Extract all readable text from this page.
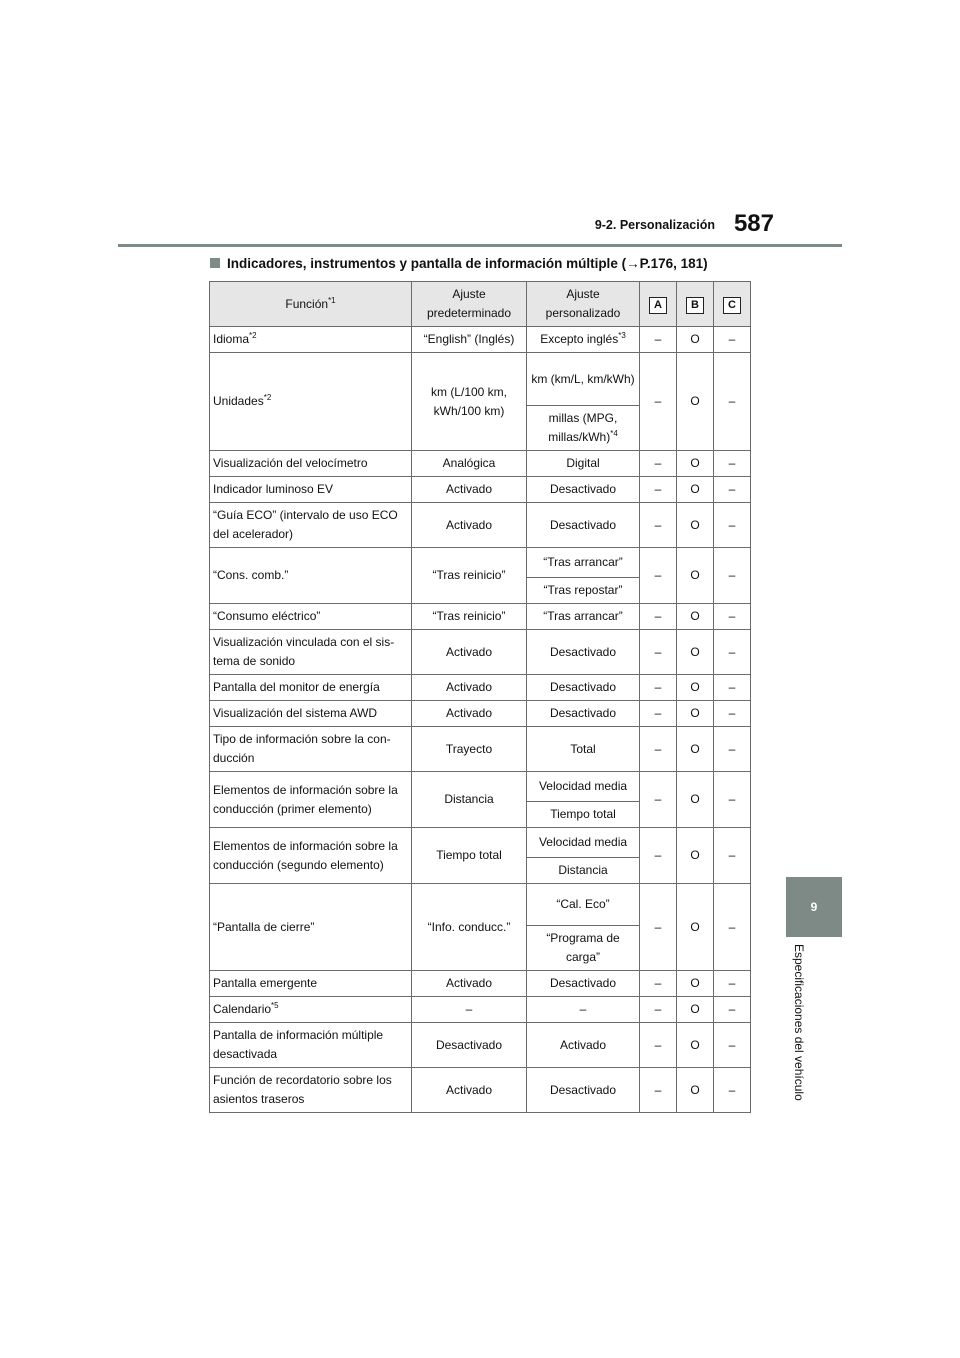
9-2. Personalización 587
Indicadores, instrumentos y pantalla de información múltiple (→P.176, 181)
Función$^{*1}$	Ajuste predeterminado	Ajuste personalizado	A	B	C
Idioma$^{*2}$	“English” (Inglés)	Excepto inglés$^{*3}$	–	O	–
Unidades$^{*2}$	km (L/100 km, kWh/100 km)	km (km/L, km/kWh)	–	O	–
		millas (MPG, millas/kWh)$^{*4}$
Visualización del velocímetro	Analógica	Digital	–	O	–
Indicador luminoso EV	Activado	Desactivado	–	O	–
“Guía ECO” (intervalo de uso ECO del acelerador)	Activado	Desactivado	–	O	–
“Cons. comb.”	“Tras reinicio”	“Tras arrancar”	–	O	–
		“Tras repostar”			
“Consumo eléctrico”	“Tras reinicio”	“Tras arrancar”	–	O	–
Visualización vinculada con el sis-tema de sonido	Activado	Desactivado	–	O	–
Pantalla del monitor de energía	Activado	Desactivado	–	O	–
Visualización del sistema AWD	Activado	Desactivado	–	O	–
Tipo de información sobre la con-ducción	Trayecto	Total	–	O	–
Elementos de información sobre la conducción (primer elemento)	Distancia	Velocidad media	–	O	–
		Tiempo total			
Elementos de información sobre la conducción (segundo elemento)	Tiempo total	Velocidad media	–	O	–
		Distancia			
“Pantalla de cierre”	“Info. conducc.”	“Cal. Eco”	–	O	–
		“Programa de carga”			
Pantalla emergente	Activado	Desactivado	–	O	–
Calendario$^{*5}$	–	–	–	O	–
Pantalla de información múltiple desactivada	Desactivado	Activado	–	O	–
Función de recordatorio sobre los asientos traseros	Activado	Desactivado	–	O	–
9
Especificaciones del vehículo
